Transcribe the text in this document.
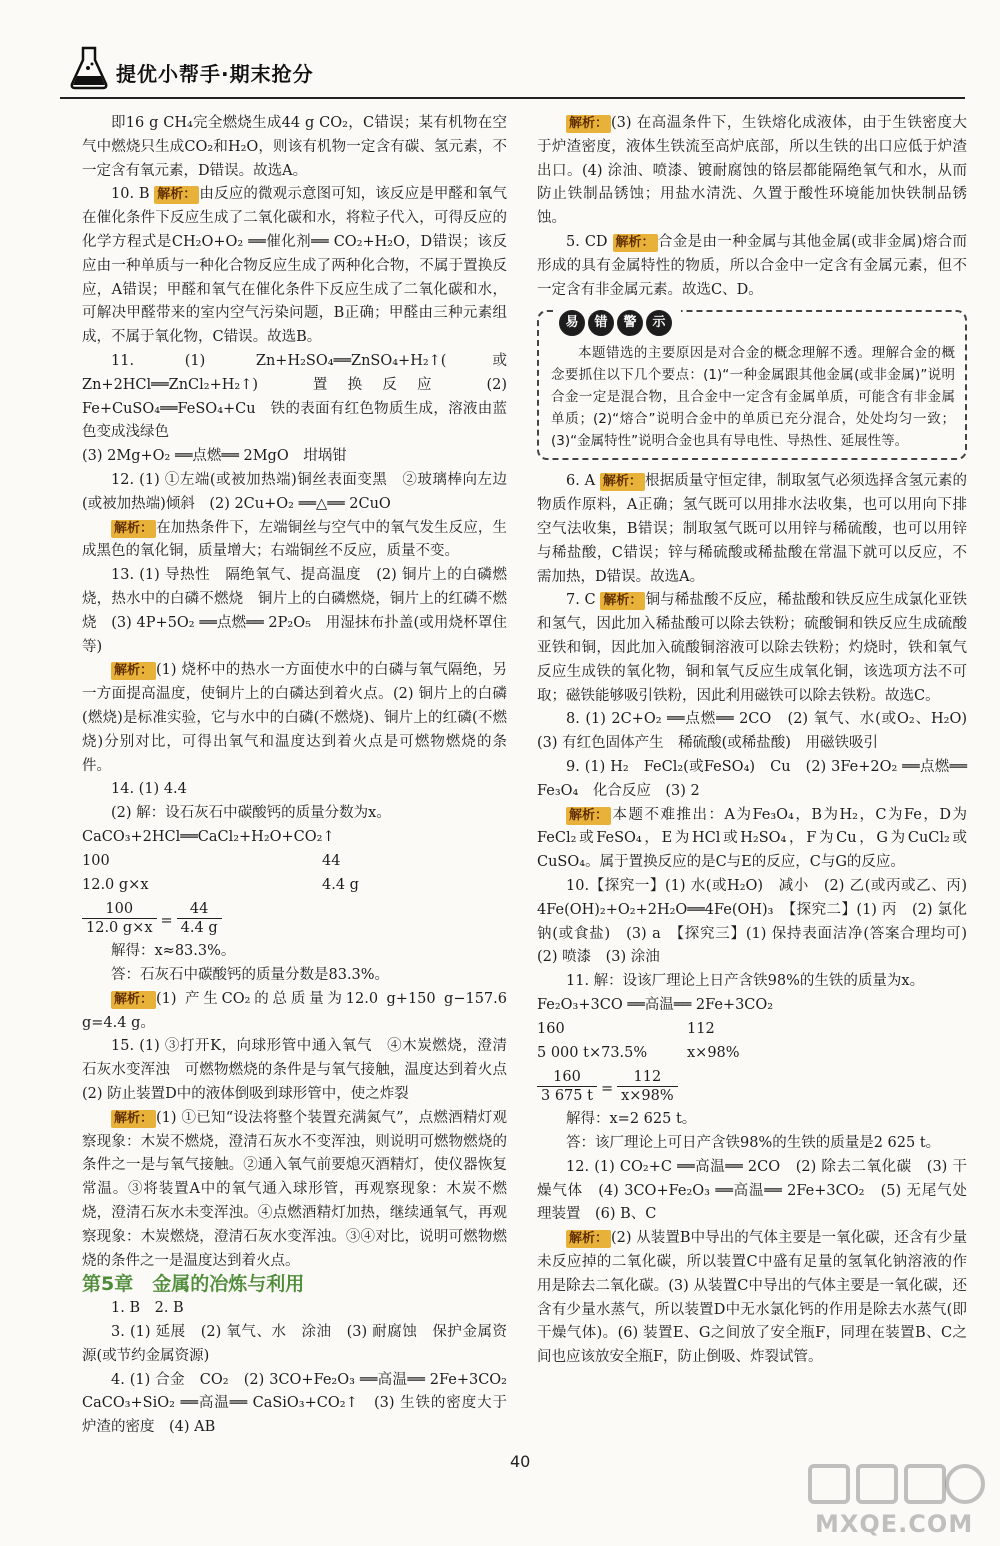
提优小帮手·期末抢分

即16 g CH₄完全燃烧生成44 g CO₂，C错误；某有机物在空气中燃烧只生成CO₂和H₂O，则该有机物一定含有碳、氢元素，不一定含有氧元素，D错误。故选A。

10. B 解析： 由反应的微观示意图可知，该反应是甲醛和氧气在催化条件下反应生成了二氧化碳和水，将粒子代入，可得反应的化学方程式是CH₂O+O₂ ══催化剂══ CO₂+H₂O，D错误；该反应由一种单质与一种化合物反应生成了两种化合物，不属于置换反应，A错误；甲醛和氧气在催化条件下反应生成了二氧化碳和水，可解决甲醛带来的室内空气污染问题，B正确；甲醛由三种元素组成，不属于氧化物，C错误。故选B。

11. (1) Zn+H₂SO₄══ZnSO₄+H₂↑(或Zn+2HCl══ZnCl₂+H₂↑)　置换反应　(2) Fe+CuSO₄══FeSO₄+Cu　铁的表面有红色物质生成，溶液由蓝色变成浅绿色

(3) 2Mg+O₂ ══点燃══ 2MgO　坩埚钳

12. (1) ①左端(或被加热端)铜丝表面变黑　②玻璃棒向左边(或被加热端)倾斜　(2) 2Cu+O₂ ══△══ 2CuO

解析： 在加热条件下，左端铜丝与空气中的氧气发生反应，生成黑色的氧化铜，质量增大；右端铜丝不反应，质量不变。

13. (1) 导热性　隔绝氧气、提高温度　(2) 铜片上的白磷燃烧，热水中的白磷不燃烧　铜片上的白磷燃烧，铜片上的红磷不燃烧　(3) 4P+5O₂ ══点燃══ 2P₂O₅　用湿抹布扑盖(或用烧杯罩住等)

解析： (1) 烧杯中的热水一方面使水中的白磷与氧气隔绝，另一方面提高温度，使铜片上的白磷达到着火点。(2) 铜片上的白磷(燃烧)是标准实验，它与水中的白磷(不燃烧)、铜片上的红磷(不燃烧)分别对比，可得出氧气和温度达到着火点是可燃物燃烧的条件。

14. (1) 4.4

(2) 解：设石灰石中碳酸钙的质量分数为x。

CaCO₃+2HCl══CaCl₂+H₂O+CO₂↑

100	44
12.0 g×x	4.4 g
$\frac{100}{12.0 g\times x} = \frac{44}{4.4 g}$

解得：x≈83.3%。

答：石灰石中碳酸钙的质量分数是83.3%。

解析： (1) 产生CO₂的总质量为12.0 g+150 g−157.6 g=4.4 g。

15. (1) ③打开K，向球形管中通入氧气　④木炭燃烧，澄清石灰水变浑浊　可燃物燃烧的条件是与氧气接触，温度达到着火点　(2) 防止装置D中的液体倒吸到球形管中，使之炸裂

解析： (1) ①已知“设法将整个装置充满氮气”，点燃酒精灯观察现象：木炭不燃烧，澄清石灰水不变浑浊，则说明可燃物燃烧的条件之一是与氧气接触。②通入氧气前要熄灭酒精灯，使仪器恢复常温。③将装置A中的氧气通入球形管，再观察现象：木炭不燃烧，澄清石灰水未变浑浊。④点燃酒精灯加热，继续通氧气，再观察现象：木炭燃烧，澄清石灰水变浑浊。③④对比，说明可燃物燃烧的条件之一是温度达到着火点。

第5章　金属的冶炼与利用

1. B　2. B

3. (1) 延展　(2) 氧气、水　涂油　(3) 耐腐蚀　保护金属资源(或节约金属资源)

4. (1) 合金　CO₂　(2) 3CO+Fe₂O₃ ══高温══ 2Fe+3CO₂　CaCO₃+SiO₂ ══高温══ CaSiO₃+CO₂↑　(3) 生铁的密度大于炉渣的密度　(4) AB

解析： (3) 在高温条件下，生铁熔化成液体，由于生铁密度大于炉渣密度，液体生铁流至高炉底部，所以生铁的出口应低于炉渣出口。(4) 涂油、喷漆、镀耐腐蚀的铬层都能隔绝氧气和水，从而防止铁制品锈蚀；用盐水清洗、久置于酸性环境能加快铁制品锈蚀。

5. CD 解析： 合金是由一种金属与其他金属(或非金属)熔合而形成的具有金属特性的物质，所以合金中一定含有金属元素，但不一定含有非金属元素。故选C、D。

易 错 警 示

本题错选的主要原因是对合金的概念理解不透。理解合金的概念要抓住以下几个要点：(1)“一种金属跟其他金属(或非金属)”说明合金一定是混合物，且合金中一定含有金属单质，可能含有非金属单质；(2)“熔合”说明合金中的单质已充分混合，处处均匀一致；(3)“金属特性”说明合金也具有导电性、导热性、延展性等。

6. A 解析： 根据质量守恒定律，制取氢气必须选择含氢元素的物质作原料，A正确；氢气既可以用排水法收集，也可以用向下排空气法收集，B错误；制取氢气既可以用锌与稀硫酸，也可以用锌与稀盐酸，C错误；锌与稀硫酸或稀盐酸在常温下就可以反应，不需加热，D错误。故选A。

7. C 解析： 铜与稀盐酸不反应，稀盐酸和铁反应生成氯化亚铁和氢气，因此加入稀盐酸可以除去铁粉；硫酸铜和铁反应生成硫酸亚铁和铜，因此加入硫酸铜溶液可以除去铁粉；灼烧时，铁和氧气反应生成铁的氧化物，铜和氧气反应生成氧化铜，该选项方法不可取；磁铁能够吸引铁粉，因此利用磁铁可以除去铁粉。故选C。

8. (1) 2C+O₂ ══点燃══ 2CO　(2) 氧气、水(或O₂、H₂O)　(3) 有红色固体产生　稀硫酸(或稀盐酸)　用磁铁吸引

9. (1) H₂　FeCl₂(或FeSO₄)　Cu　(2) 3Fe+2O₂ ══点燃══ Fe₃O₄　化合反应　(3) 2

解析： 本题不难推出：A为Fe₃O₄，B为H₂，C为Fe，D为FeCl₂或FeSO₄，E为HCl或H₂SO₄，F为Cu，G为CuCl₂或CuSO₄。属于置换反应的是C与E的反应，C与G的反应。

10.【探究一】(1) 水(或H₂O)　减小　(2) 乙(或丙或乙、丙)　4Fe(OH)₂+O₂+2H₂O══4Fe(OH)₃　【探究二】(1) 丙　(2) 氯化钠(或食盐)　(3) a　【探究三】(1) 保持表面洁净(答案合理均可)　(2) 喷漆　(3) 涂油

11. 解：设该厂理论上日产含铁98%的生铁的质量为x。

Fe₂O₃+3CO ══高温══ 2Fe+3CO₂

160	112
5 000 t×73.5%	x×98%
$\frac{160}{3 675 t} = \frac{112}{x\times 98\%}$

解得：x=2 625 t。

答：该厂理论上可日产含铁98%的生铁的质量是2 625 t。

12. (1) CO₂+C ══高温══ 2CO　(2) 除去二氧化碳　(3) 干燥气体　(4) 3CO+Fe₂O₃ ══高温══ 2Fe+3CO₂　(5) 无尾气处理装置　(6) B、C

解析： (2) 从装置B中导出的气体主要是一氧化碳，还含有少量未反应掉的二氧化碳，所以装置C中盛有足量的氢氧化钠溶液的作用是除去二氧化碳。(3) 从装置C中导出的气体主要是一氧化碳，还含有少量水蒸气，所以装置D中无水氯化钙的作用是除去水蒸气(即干燥气体)。(6) 装置E、G之间放了安全瓶F，同理在装置B、C之间也应该放安全瓶F，防止倒吸、炸裂试管。

40
MXQE.COM
